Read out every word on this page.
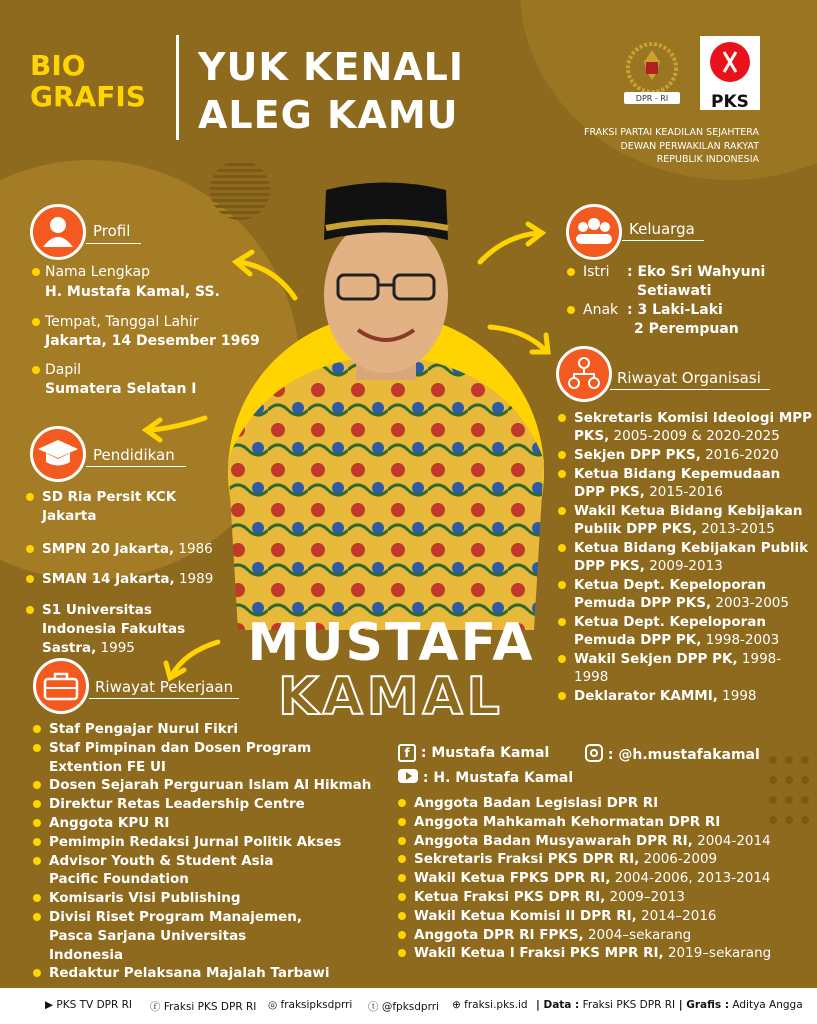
BIO
GRAFIS
YUK KENALI
ALEG KAMU	DPR - RI	PKS
FRAKSI PARTAI KEADILAN SEJAHTERA
DEWAN PERWAKILAN RAKYAT
REPUBLIK INDONESIA
Profil
Nama Lengkap
H. Mustafa Kamal, SS.
Tempat, Tanggal Lahir
Jakarta, 14 Desember 1969
Dapil
Sumatera Selatan I
Keluarga
Istri : Eko Sri Wahyuni
Setiawati
Anak : 3 Laki-Laki
2 Perempuan
Riwayat Organisasi
Sekretaris Komisi Ideologi MPP PKS, 2005-2009 & 2020-2025
Sekjen DPP PKS, 2016-2020
Ketua Bidang Kepemudaan DPP PKS, 2015-2016
Wakil Ketua Bidang Kebijakan Publik DPP PKS, 2013-2015
Ketua Bidang Kebijakan Publik DPP PKS, 2009-2013
Ketua Dept. Kepeloporan Pemuda DPP PKS, 2003-2005
Ketua Dept. Kepeloporan Pemuda DPP PK, 1998-2003
Wakil Sekjen DPP PK, 1998-1998
Deklarator KAMMI, 1998
Pendidikan
SD Ria Persit KCK Jakarta
SMPN 20 Jakarta, 1986
SMAN 14 Jakarta, 1989
S1 Universitas Indonesia Fakultas Sastra, 1995
Riwayat Pekerjaan
Staf Pengajar Nurul Fikri
Staf Pimpinan dan Dosen Program Extention FE UI
Dosen Sejarah Perguruan Islam Al Hikmah
Direktur Retas Leadership Centre
Anggota KPU RI
Pemimpin Redaksi Jurnal Politik Akses
Advisor Youth & Student Asia Pacific Foundation
Komisaris Visi Publishing
Divisi Riset Program Manajemen, Pasca Sarjana Universitas Indonesia
Redaktur Pelaksana Majalah Tarbawi
MUSTAFA
KAMAL
f : Mustafa Kamal	: @h.mustafakamal
: H. Mustafa Kamal
Anggota Badan Legislasi DPR RI
Anggota Mahkamah Kehormatan DPR RI
Anggota Badan Musyawarah DPR RI, 2004-2014
Sekretaris Fraksi PKS DPR RI, 2006-2009
Wakil Ketua FPKS DPR RI, 2004-2006, 2013-2014
Ketua Fraksi PKS DPR RI, 2009–2013
Wakil Ketua Komisi II DPR RI, 2014–2016
Anggota DPR RI FPKS, 2004–sekarang
Wakil Ketua I Fraksi PKS MPR RI, 2019–sekarang
▶ PKS TV DPR RI ⓕ Fraksi PKS DPR RI ◎ fraksipksdprri ⓣ @fpksdprri ⊕ fraksi.pks.id | Data : Fraksi PKS DPR RI | Grafis : Aditya Angga
